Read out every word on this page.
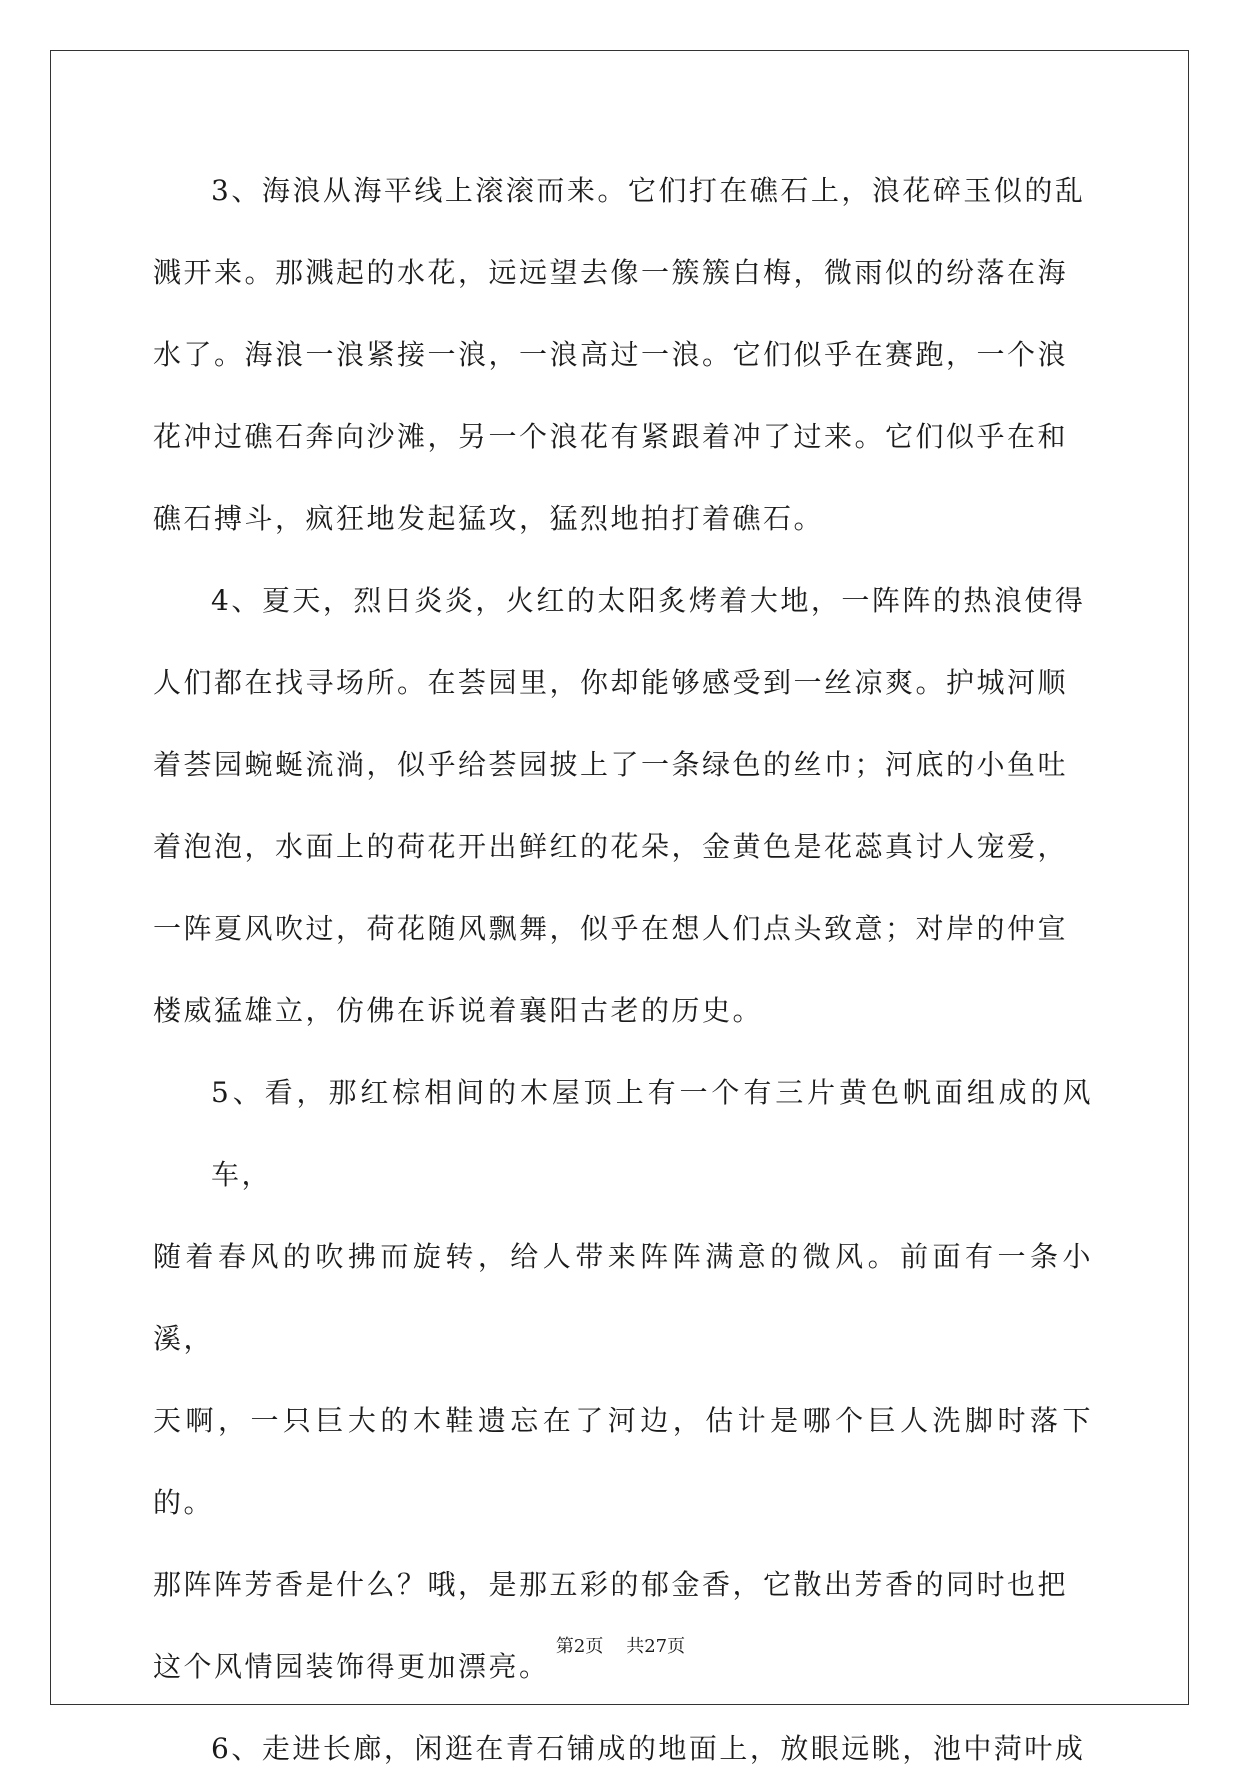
3、海浪从海平线上滚滚而来。它们打在礁石上，浪花碎玉似的乱
溅开来。那溅起的水花，远远望去像一簇簇白梅，微雨似的纷落在海
水了。海浪一浪紧接一浪，一浪高过一浪。它们似乎在赛跑，一个浪
花冲过礁石奔向沙滩，另一个浪花有紧跟着冲了过来。它们似乎在和
礁石搏斗，疯狂地发起猛攻，猛烈地拍打着礁石。

4、夏天，烈日炎炎，火红的太阳炙烤着大地，一阵阵的热浪使得
人们都在找寻场所。在荟园里，你却能够感受到一丝凉爽。护城河顺
着荟园蜿蜒流淌，似乎给荟园披上了一条绿色的丝巾；河底的小鱼吐
着泡泡，水面上的荷花开出鲜红的花朵，金黄色是花蕊真讨人宠爱，
一阵夏风吹过，荷花随风飘舞，似乎在想人们点头致意；对岸的仲宣
楼威猛雄立，仿佛在诉说着襄阳古老的历史。

5、看，那红棕相间的木屋顶上有一个有三片黄色帆面组成的风车，
随着春风的吹拂而旋转，给人带来阵阵满意的微风。前面有一条小溪，
天啊，一只巨大的木鞋遗忘在了河边，估计是哪个巨人洗脚时落下的。
那阵阵芳香是什么？哦，是那五彩的郁金香，它散出芳香的同时也把
这个风情园装饰得更加漂亮。

6、走进长廊，闲逛在青石铺成的地面上，放眼远眺，池中菏叶成

第2页 共27页
